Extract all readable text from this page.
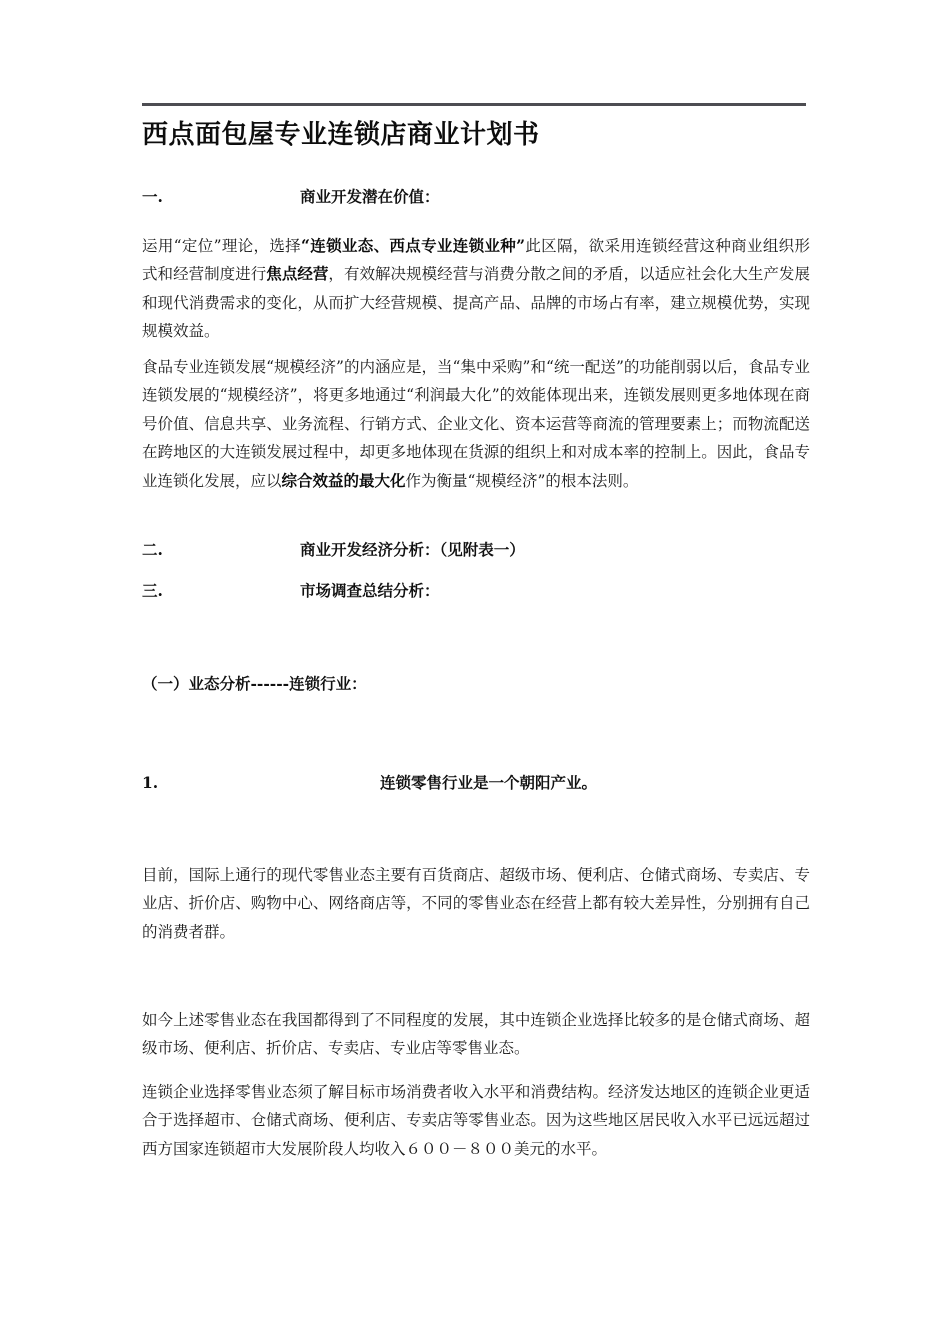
西点面包屋专业连锁店商业计划书
一.	商业开发潜在价值：

运用“定位”理论，选择“连锁业态、西点专业连锁业种”此区隔，欲采用连锁经营这种商业组织形式和经营制度进行焦点经营，有效解决规模经营与消费分散之间的矛盾，以适应社会化大生产发展和现代消费需求的变化，从而扩大经营规模、提高产品、品牌的市场占有率，建立规模优势，实现规模效益。

食品专业连锁发展“规模经济”的内涵应是，当“集中采购”和“统一配送”的功能削弱以后，食品专业连锁发展的“规模经济”，将更多地通过“利润最大化”的效能体现出来，连锁发展则更多地体现在商号价值、信息共享、业务流程、行销方式、企业文化、资本运营等商流的管理要素上；而物流配送在跨地区的大连锁发展过程中，却更多地体现在货源的组织上和对成本率的控制上。因此，食品专业连锁化发展，应以综合效益的最大化作为衡量“规模经济”的根本法则。

二.	商业开发经济分析：（见附表一）
三.	市场调查总结分析：
（一）业态分析------连锁行业：
1.	连锁零售行业是一个朝阳产业。

目前，国际上通行的现代零售业态主要有百货商店、超级市场、便利店、仓储式商场、专卖店、专业店、折价店、购物中心、网络商店等，不同的零售业态在经营上都有较大差异性，分别拥有自己的消费者群。

如今上述零售业态在我国都得到了不同程度的发展，其中连锁企业选择比较多的是仓储式商场、超级市场、便利店、折价店、专卖店、专业店等零售业态。

连锁企业选择零售业态须了解目标市场消费者收入水平和消费结构。经济发达地区的连锁企业更适合于选择超市、仓储式商场、便利店、专卖店等零售业态。因为这些地区居民收入水平已远远超过西方国家连锁超市大发展阶段人均收入６００－８００美元的水平。
